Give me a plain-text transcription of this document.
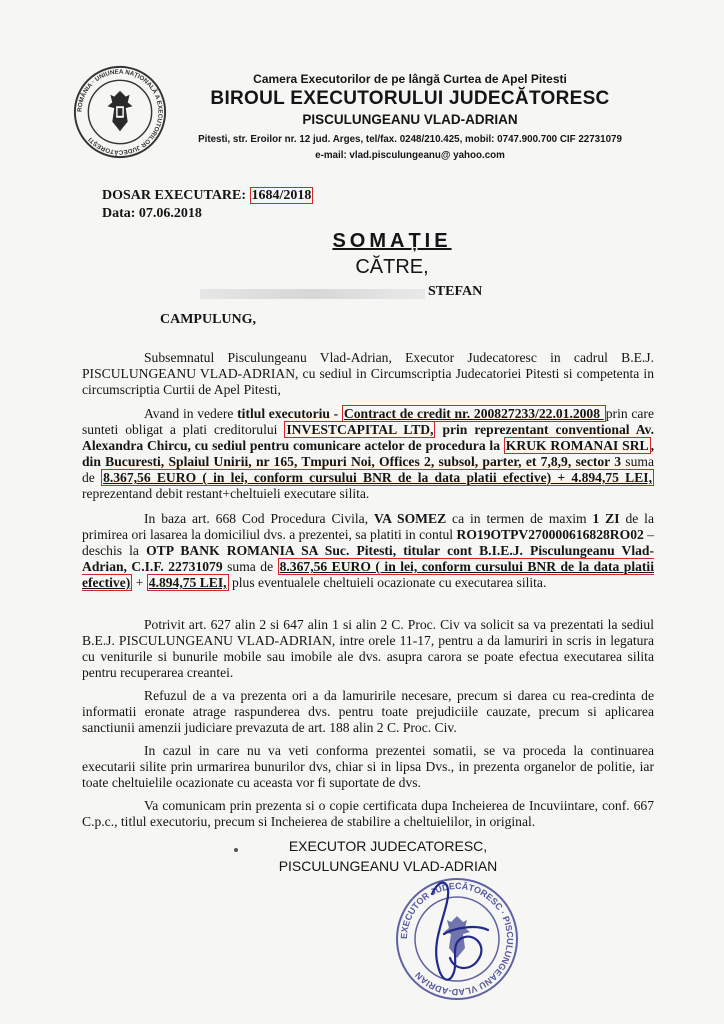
ROMÂNIA · UNIUNEA NAȚIONALĂ A EXECUTORILOR JUDECĂTOREȘTI
Camera Executorilor de pe lângă Curtea de Apel Pitesti
BIROUL EXECUTORULUI JUDECĂTORESC
PISCULUNGEANU VLAD-ADRIAN
Pitesti, str. Eroilor nr. 12 jud. Arges, tel/fax. 0248/210.425, mobil: 0747.900.700 CIF 22731079
e-mail: vlad.pisculungeanu@ yahoo.com
DOSAR EXECUTARE: 1684/2018
Data: 07.06.2018
SOMAȚIE
CĂTRE,
STEFAN
CAMPULUNG,
Subsemnatul Pisculungeanu Vlad-Adrian, Executor Judecatoresc in cadrul B.E.J. PISCULUNGEANU VLAD-ADRIAN, cu sediul in Circumscriptia Judecatoriei Pitesti si competenta in circumscriptia Curtii de Apel Pitesti,
Avand in vedere titlul executoriu - Contract de credit nr. 200827233/22.01.2008 prin care sunteti obligat a plati creditorului INVESTCAPITAL LTD, prin reprezentant conventional Av. Alexandra Chircu, cu sediul pentru comunicare actelor de procedura la KRUK ROMANAI SRL , din Bucuresti, Splaiul Unirii, nr 165, Tmpuri Noi, Offices 2, subsol, parter, et 7,8,9, sector 3 suma de 8.367,56 EURO ( in lei, conform cursului BNR de la data platii efective) + 4.894,75 LEI, reprezentand debit restant+cheltuieli executare silita.
In baza art. 668 Cod Procedura Civila, VA SOMEZ ca in termen de maxim 1 ZI de la primirea ori lasarea la domiciliul dvs. a prezentei, sa platiti in contul RO19OTPV270000616828RO02 – deschis la OTP BANK ROMANIA SA Suc. Pitesti, titular cont B.I.E.J. Pisculungeanu Vlad-Adrian, C.I.F. 22731079 suma de 8.367,56 EURO ( in lei, conform cursului BNR de la data platii efective) + 4.894,75 LEI, plus eventualele cheltuieli ocazionate cu executarea silita.
Potrivit art. 627 alin 2 si 647 alin 1 si alin 2 C. Proc. Civ va solicit sa va prezentati la sediul B.E.J. PISCULUNGEANU VLAD-ADRIAN, intre orele 11-17, pentru a da lamuriri in scris in legatura cu veniturile si bunurile mobile sau imobile ale dvs. asupra carora se poate efectua executarea silita pentru recuperarea creantei.
Refuzul de a va prezenta ori a da lamuririle necesare, precum si darea cu rea-credinta de informatii eronate atrage raspunderea dvs. pentru toate prejudiciile cauzate, precum si aplicarea sanctiunii amenzii judiciare prevazuta de art. 188 alin 2 C. Proc. Civ.
In cazul in care nu va veti conforma prezentei somatii, se va proceda la continuarea executarii silite prin urmarirea bunurilor dvs, chiar si in lipsa Dvs., in prezenta organelor de politie, iar toate cheltuielile ocazionate cu aceasta vor fi suportate de dvs.
Va comunicam prin prezenta si o copie certificata dupa Incheierea de Incuviintare, conf. 667 C.p.c., titlul executoriu, precum si Incheierea de stabilire a cheltuielilor, in original.
EXECUTOR JUDECATORESC,
PISCULUNGEANU VLAD-ADRIAN
EXECUTOR JUDECĂTORESC · PISCULUNGEANU VLAD-ADRIAN
